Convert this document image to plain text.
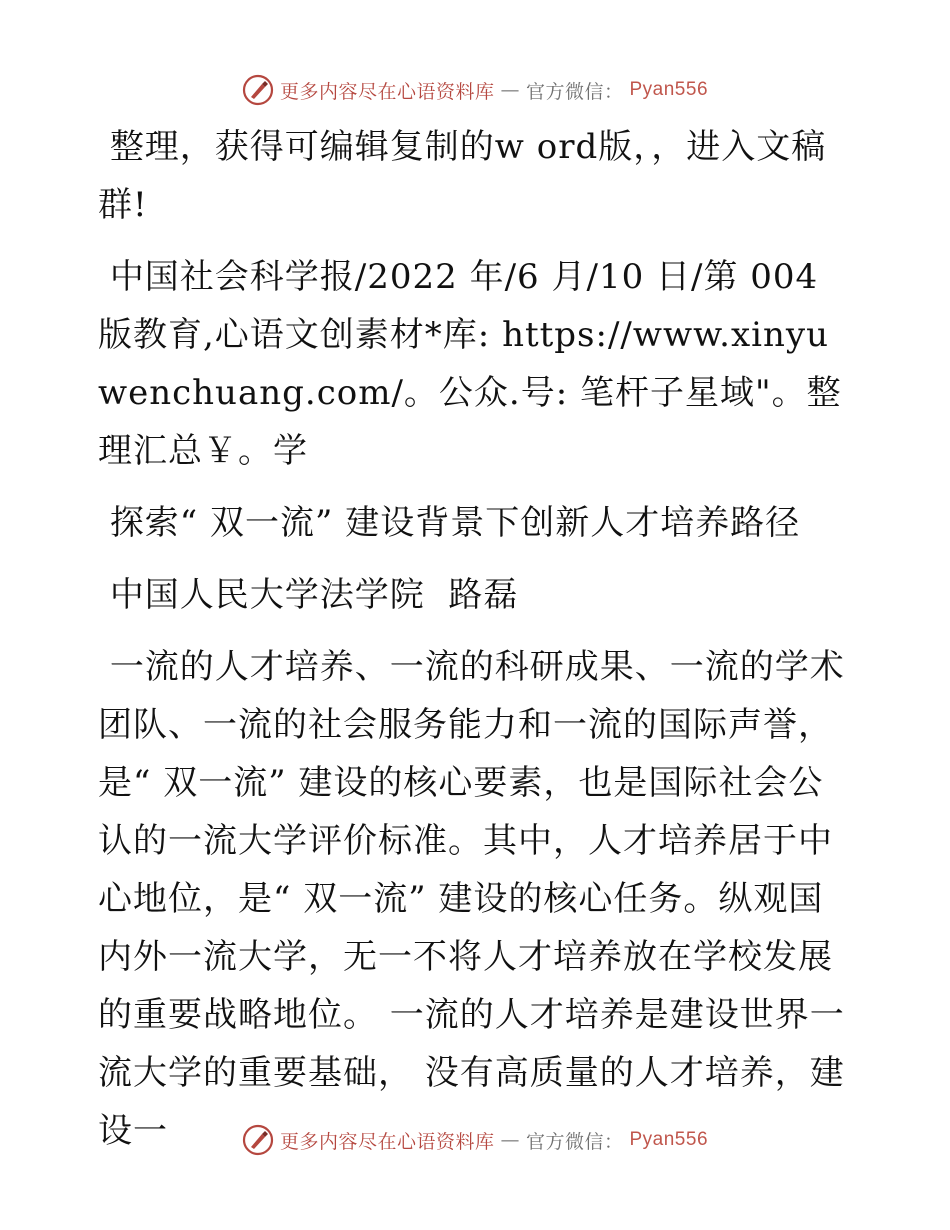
更多内容尽在心语资料库 — 官方微信： Pyan556

整理，获得可编辑复制的w ord版，，进入文稿群!

中国社会科学报/2022 年/6 月/10 日/第 004 版教育,心语文创素材*库: https://www.xinyuwenchuang.com/。公众.号: 笔杆子星域"。整理汇总￥。学

探索“ 双一流” 建设背景下创新人才培养路径

中国人民大学法学院  路磊

一流的人才培养、一流的科研成果、一流的学术团队、一流的社会服务能力和一流的国际声誉，是“ 双一流” 建设的核心要素，也是国际社会公认的一流大学评价标准。其中，人才培养居于中心地位，是“ 双一流” 建设的核心任务。纵观国内外一流大学，无一不将人才培养放在学校发展的重要战略地位。 一流的人才培养是建设世界一流大学的重要基础， 没有高质量的人才培养，建设一	更多内容尽在心语资料库 — 官方微信： Pyan556
